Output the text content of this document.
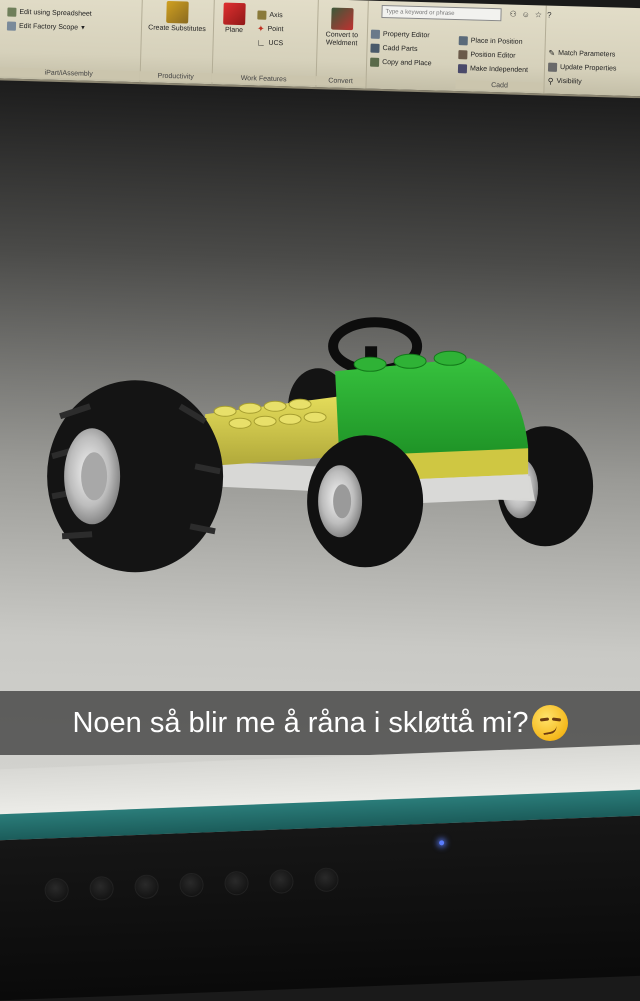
Edit using Spreadsheet
Edit Factory Scope ▾
iPart/iAssembly
Create Substitutes
Productivity
Plane
Axis
✦ Point
∟ UCS
Work Features
Convert to Weldment
Convert
Property Editor
Cadd Parts
Copy and Place
Place in Position
Position Editor
Make Independent
Cadd
✎ Match Parameters
Update Properties
⚲ Visibility
Type a keyword or phrase	⚇ ☺ ☆ ?
Noen så blir me å råna i skløttå mi?
